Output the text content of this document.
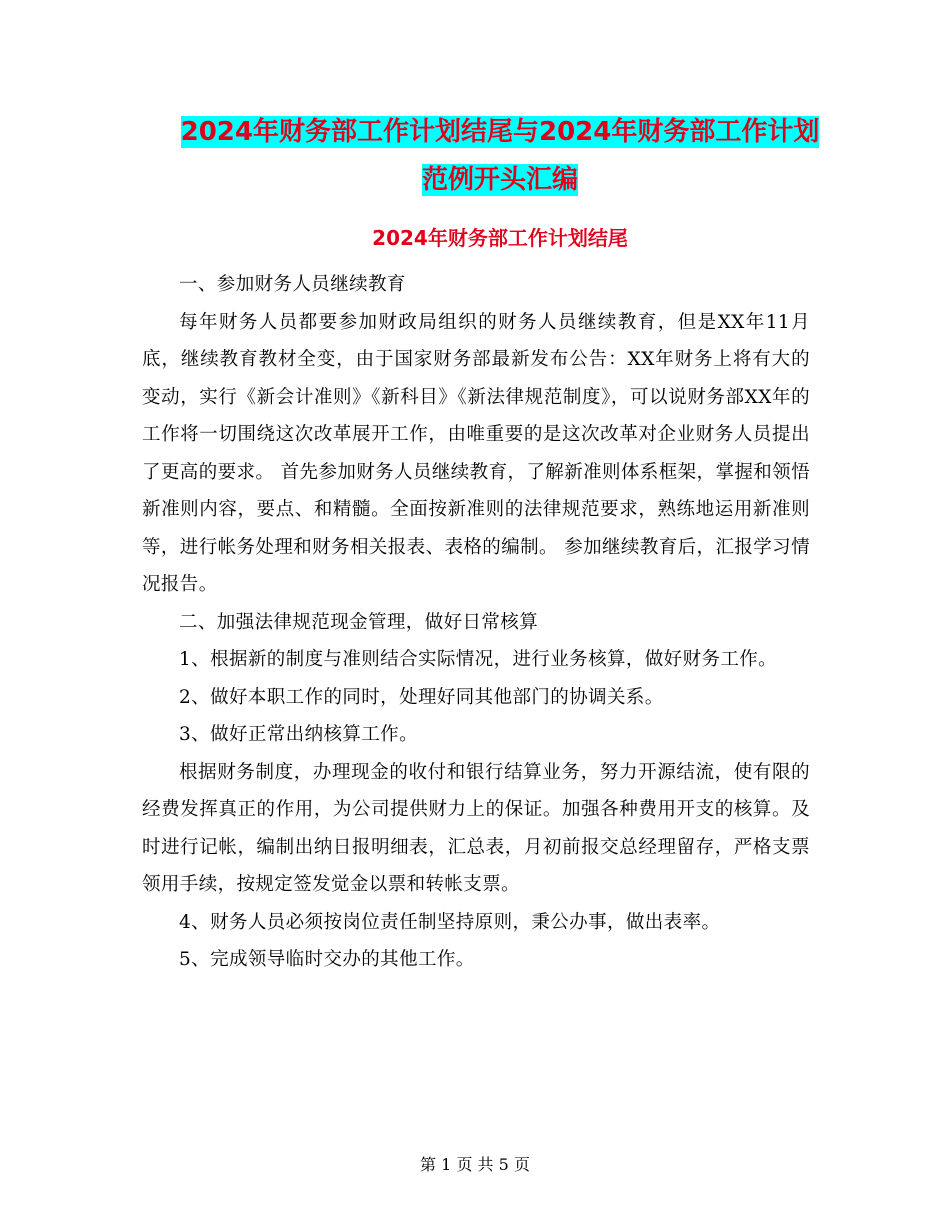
2024年财务部工作计划结尾与2024年财务部工作计划
范例开头汇编
2024年财务部工作计划结尾

一、参加财务人员继续教育

每年财务人员都要参加财政局组织的财务人员继续教育，但是XX年11月底，继续教育教材全变，由于国家财务部最新发布公告：XX年财务上将有大的变动，实行《新会计准则》《新科目》《新法律规范制度》，可以说财务部XX年的工作将一切围绕这次改革展开工作，由唯重要的是这次改革对企业财务人员提出了更高的要求。 首先参加财务人员继续教育，了解新准则体系框架，掌握和领悟新准则内容，要点、和精髓。全面按新准则的法律规范要求，熟练地运用新准则等，进行帐务处理和财务相关报表、表格的编制。 参加继续教育后，汇报学习情况报告。

二、加强法律规范现金管理，做好日常核算

1、根据新的制度与准则结合实际情况，进行业务核算，做好财务工作。

2、做好本职工作的同时，处理好同其他部门的协调关系。

3、做好正常出纳核算工作。

根据财务制度，办理现金的收付和银行结算业务，努力开源结流，使有限的经费发挥真正的作用，为公司提供财力上的保证。加强各种费用开支的核算。及时进行记帐，编制出纳日报明细表，汇总表，月初前报交总经理留存，严格支票领用手续，按规定签发觉金以票和转帐支票。

4、财务人员必须按岗位责任制坚持原则，秉公办事，做出表率。

5、完成领导临时交办的其他工作。

第 1 页 共 5 页
